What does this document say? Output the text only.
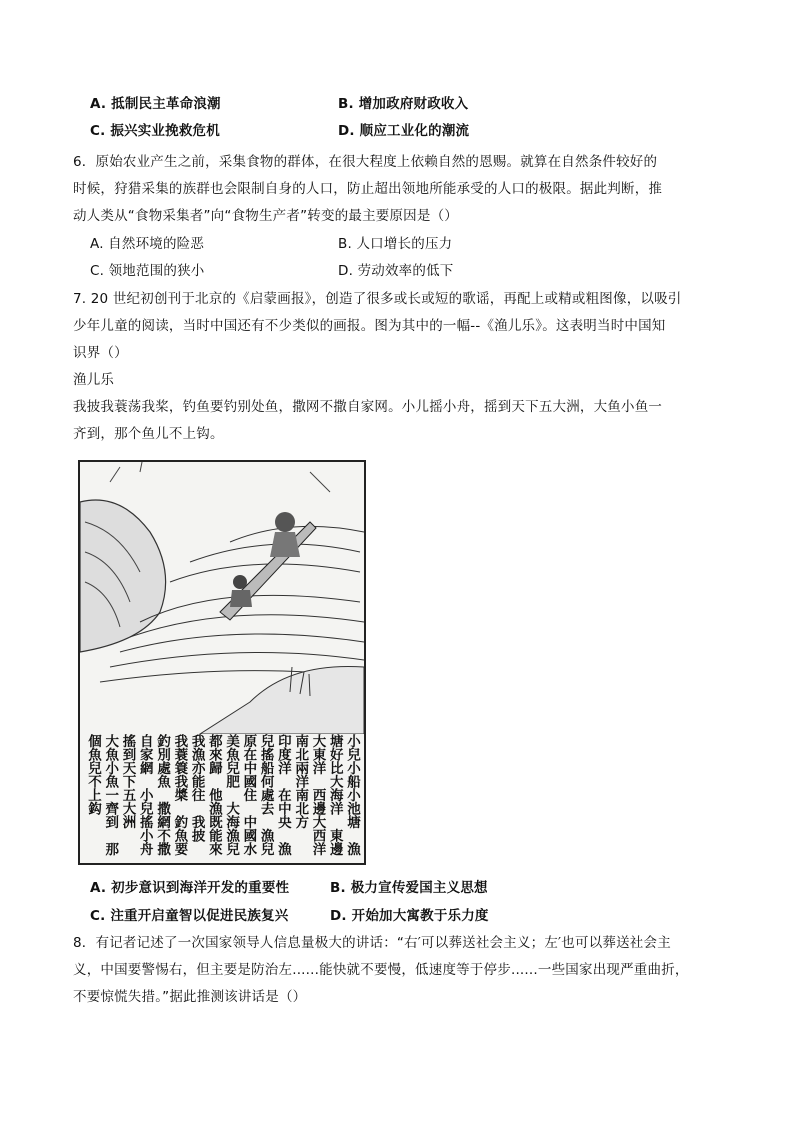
A. 抵制民主革命浪潮	B. 增加政府财政收入
C. 振兴实业挽救危机	D. 顺应工业化的潮流
6．原始农业产生之前，采集食物的群体，在很大程度上依赖自然的恩赐。就算在自然条件较好的
时候，狩猎采集的族群也会限制自身的人口，防止超出领地所能承受的人口的极限。据此判断，推
动人类从“食物采集者”向“食物生产者”转变的最主要原因是（）
A. 自然环境的险恶	B. 人口增长的压力
C. 领地范围的狭小	D. 劳动效率的低下
7. 20 世纪初创刊于北京的《启蒙画报》，创造了很多或长或短的歌谣，再配上或精或粗图像，以吸引
少年儿童的阅读，当时中国还有不少类似的画报。图为其中的一幅--《渔儿乐》。这表明当时中国知
识界（）
渔儿乐
我披我蓑荡我桨，钓鱼要钓别处鱼，撒网不撒自家网。小儿摇小舟，摇到天下五大洲，大鱼小鱼一
齐到，那个鱼儿不上钩。
小兒小船小池塘　漁
塘好比大海洋　東邊
大東洋　西邊大西洋
南北兩洋南北方
印度洋　在中央　漁
兒搖船何處去　漁兒
原在中國住　中國水
美魚兒肥　大海漁兒
都來歸　他漁既能來
我漁亦能往　我披
我蓑簑我槳　釣魚要
釣別處魚　撒網不撒
自家網　小兒搖小舟
搖到天下五大洲
大魚小魚一齊到　那
個魚兒不上鈎
A. 初步意识到海洋开发的重要性	B. 极力宣传爱国主义思想
C. 注重开启童智以促进民族复兴	D. 开始加大寓教于乐力度
8．有记者记述了一次国家领导人信息量极大的讲话：“右′可以葬送社会主义；左′也可以葬送社会主
义，中国要警惕右，但主要是防治左......能快就不要慢，低速度等于停步......一些国家出现严重曲折，
不要惊慌失措。”据此推测该讲话是（）
